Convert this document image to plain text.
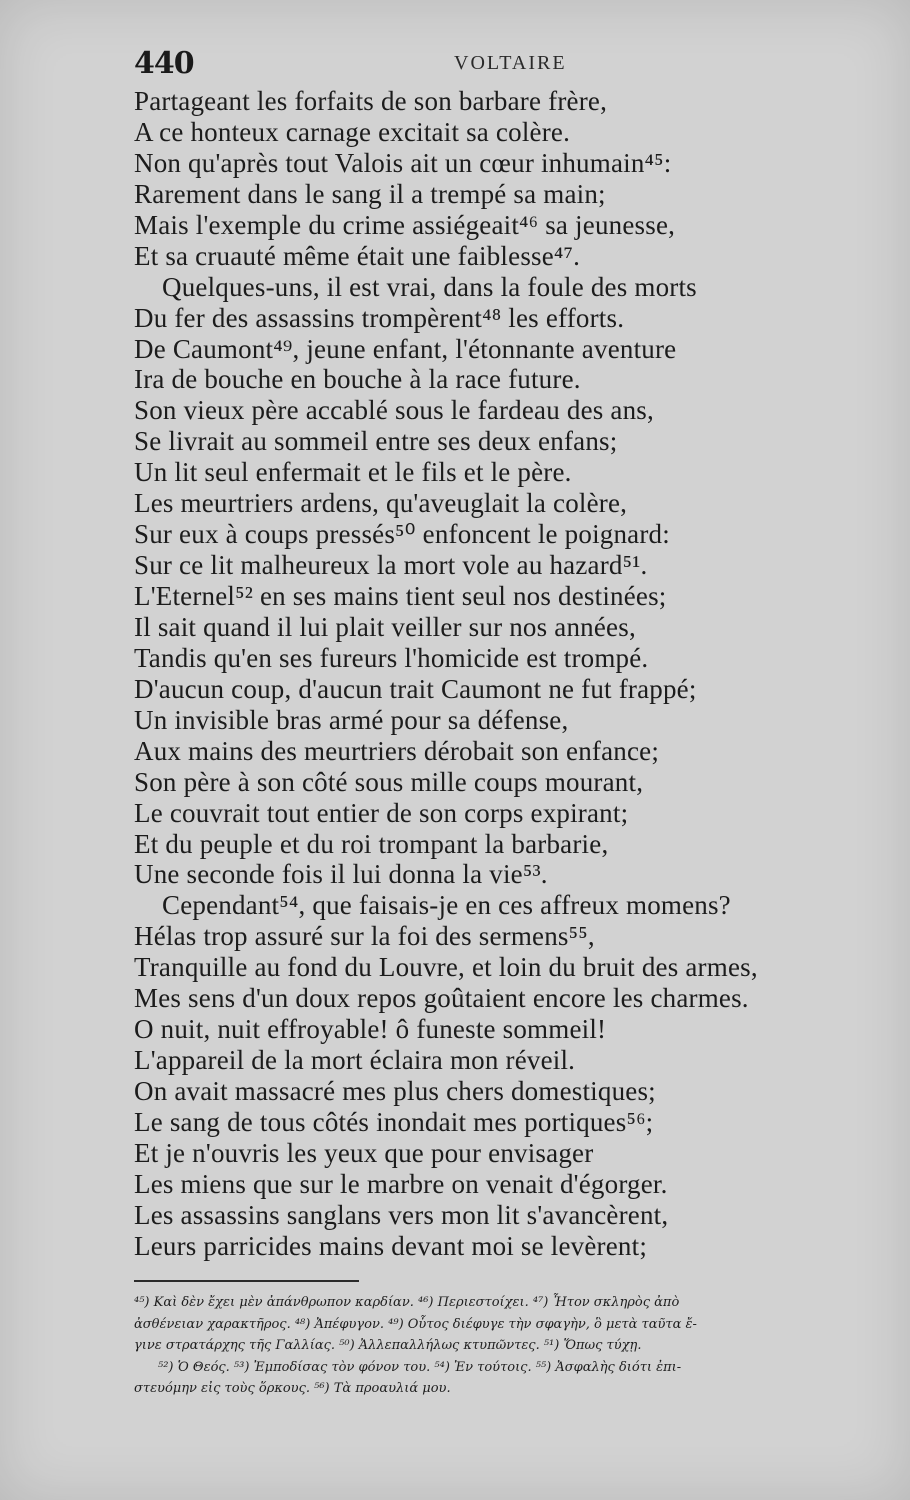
440	VOLTAIRE
Partageant les forfaits de son barbare frère,
A ce honteux carnage excitait sa colère.
Non qu'après tout Valois ait un cœur inhumain⁴⁵:
Rarement dans le sang il a trempé sa main;
Mais l'exemple du crime assiégeait⁴⁶ sa jeunesse,
Et sa cruauté même était une faiblesse⁴⁷.
Quelques-uns, il est vrai, dans la foule des morts
Du fer des assassins trompèrent⁴⁸ les efforts.
De Caumont⁴⁹, jeune enfant, l'étonnante aventure
Ira de bouche en bouche à la race future.
Son vieux père accablé sous le fardeau des ans,
Se livrait au sommeil entre ses deux enfans;
Un lit seul enfermait et le fils et le père.
Les meurtriers ardens, qu'aveuglait la colère,
Sur eux à coups pressés⁵⁰ enfoncent le poignard:
Sur ce lit malheureux la mort vole au hazard⁵¹.
L'Eternel⁵² en ses mains tient seul nos destinées;
Il sait quand il lui plait veiller sur nos années,
Tandis qu'en ses fureurs l'homicide est trompé.
D'aucun coup, d'aucun trait Caumont ne fut frappé;
Un invisible bras armé pour sa défense,
Aux mains des meurtriers dérobait son enfance;
Son père à son côté sous mille coups mourant,
Le couvrait tout entier de son corps expirant;
Et du peuple et du roi trompant la barbarie,
Une seconde fois il lui donna la vie⁵³.
Cependant⁵⁴, que faisais-je en ces affreux momens?
Hélas trop assuré sur la foi des sermens⁵⁵,
Tranquille au fond du Louvre, et loin du bruit des armes,
Mes sens d'un doux repos goûtaient encore les charmes.
O nuit, nuit effroyable! ô funeste sommeil!
L'appareil de la mort éclaira mon réveil.
On avait massacré mes plus chers domestiques;
Le sang de tous côtés inondait mes portiques⁵⁶;
Et je n'ouvris les yeux que pour envisager
Les miens que sur le marbre on venait d'égorger.
Les assassins sanglans vers mon lit s'avancèrent,
Leurs parricides mains devant moi se levèrent;
⁴⁵) Καὶ δὲν ἔχει μὲν ἀπάνθρωπον καρδίαν. ⁴⁶) Περιεστοίχει. ⁴⁷) Ἦτον σκληρὸς ἀπὸ
ἀσθένειαν χαρακτῆρος. ⁴⁸) Ἀπέφυγον. ⁴⁹) Οὗτος διέφυγε τὴν σφαγὴν, ὃ μετὰ ταῦτα ἔ-
γινε στρατάρχης τῆς Γαλλίας. ⁵⁰) Ἀλλεπαλλήλως κτυπῶντες. ⁵¹) Ὅπως τύχῃ.
⁵²) Ὁ Θεός. ⁵³) Ἐμποδίσας τὸν φόνον του. ⁵⁴) Ἐν τούτοις. ⁵⁵) Ἀσφαλὴς διότι ἐπι-
στευόμην εἰς τοὺς ὅρκους. ⁵⁶) Τὰ προαυλιά μου.
